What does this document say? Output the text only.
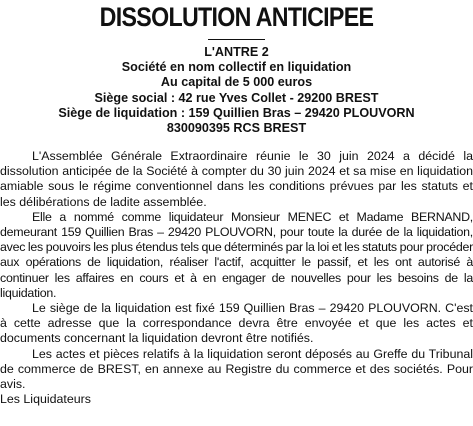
DISSOLUTION ANTICIPEE
L'ANTRE 2
Société en nom collectif en liquidation
Au capital de 5 000 euros
Siège social : 42 rue Yves Collet - 29200 BREST
Siège de liquidation : 159 Quillien Bras – 29420 PLOUVORN
830090395 RCS BREST

L'Assemblée Générale Extraordinaire réunie le 30 juin 2024 a décidé la dissolution anticipée de la Société à compter du 30 juin 2024 et sa mise en liquidation amiable sous le régime conventionnel dans les conditions prévues par les statuts et les délibérations de ladite assemblée.

Elle a nommé comme liquidateur Monsieur MENEC et Madame BERNAND, demeurant 159 Quillien Bras – 29420 PLOUVORN, pour toute la durée de la liquidation, avec les pouvoirs les plus étendus tels que déterminés par la loi et les statuts pour procéder aux opérations de liquidation, réaliser l'actif, acquitter le passif, et les ont autorisé à continuer les affaires en cours et à en engager de nouvelles pour les besoins de la liquidation.

Le siège de la liquidation est fixé 159 Quillien Bras – 29420 PLOUVORN. C'est à cette adresse que la correspondance devra être envoyée et que les actes et documents concernant la liquidation devront être notifiés.

Les actes et pièces relatifs à la liquidation seront déposés au Greffe du Tribunal de commerce de BREST, en annexe au Registre du commerce et des sociétés. Pour avis.

Les Liquidateurs
